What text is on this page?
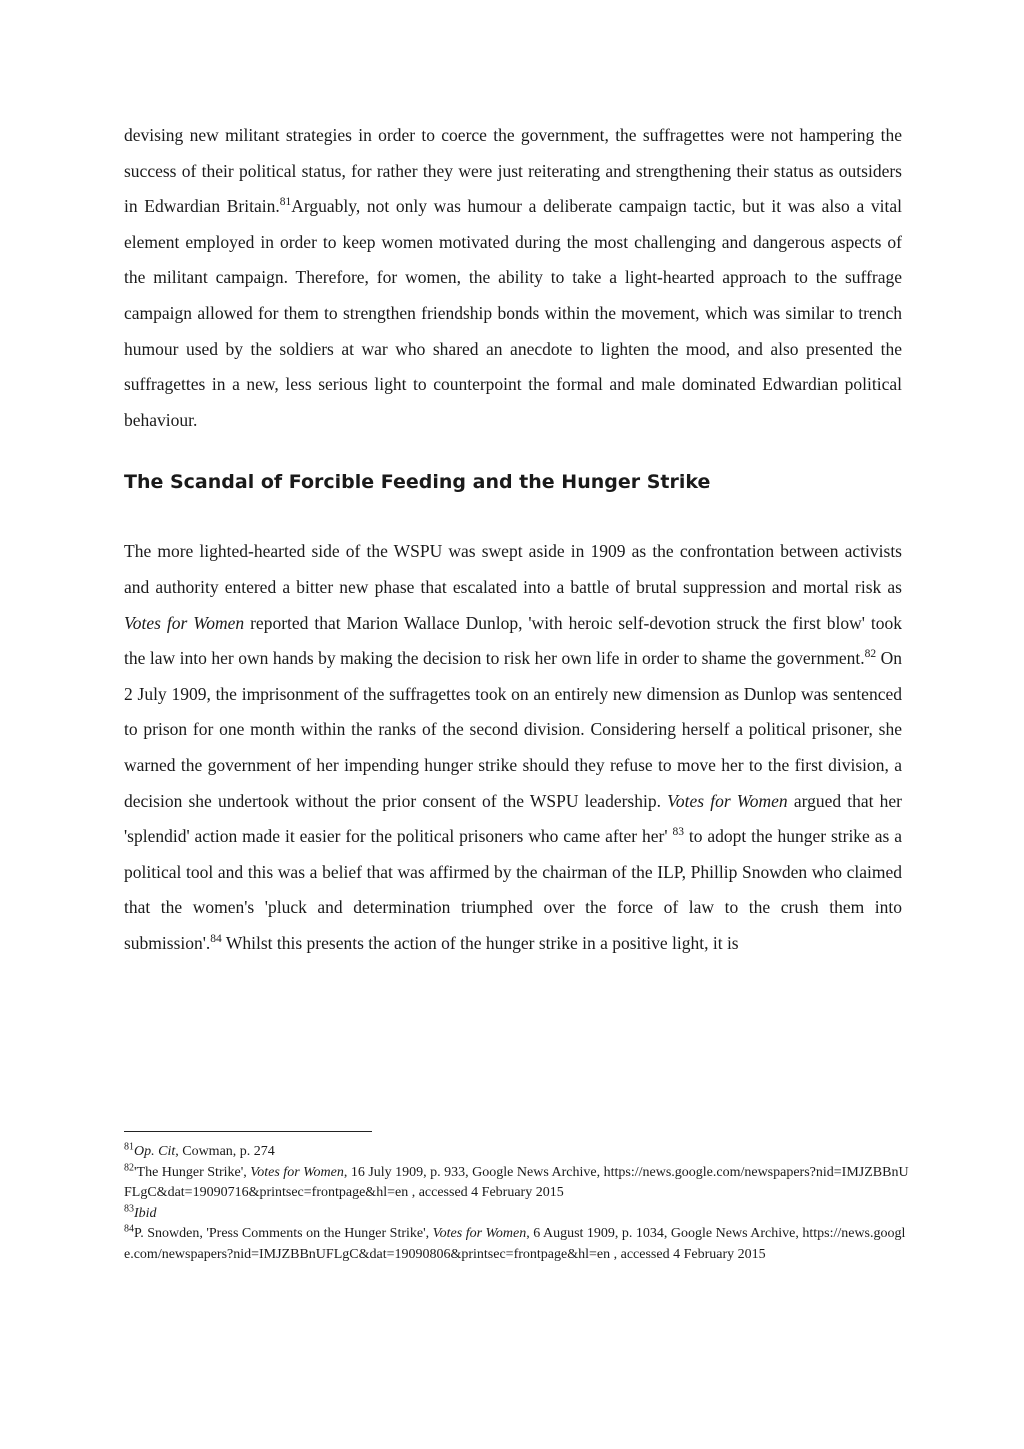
devising new militant strategies in order to coerce the government, the suffragettes were not hampering the success of their political status, for rather they were just reiterating and strengthening their status as outsiders in Edwardian Britain.$^{81}$Arguably, not only was humour a deliberate campaign tactic, but it was also a vital element employed in order to keep women motivated during the most challenging and dangerous aspects of the militant campaign. Therefore, for women, the ability to take a light-hearted approach to the suffrage campaign allowed for them to strengthen friendship bonds within the movement, which was similar to trench humour used by the soldiers at war who shared an anecdote to lighten the mood, and also presented the suffragettes in a new, less serious light to counterpoint the formal and male dominated Edwardian political behaviour.

The Scandal of Forcible Feeding and the Hunger Strike

The more lighted-hearted side of the WSPU was swept aside in 1909 as the confrontation between activists and authority entered a bitter new phase that escalated into a battle of brutal suppression and mortal risk as Votes for Women reported that Marion Wallace Dunlop, 'with heroic self-devotion struck the first blow' took the law into her own hands by making the decision to risk her own life in order to shame the government.$^{82}$ On 2 July 1909, the imprisonment of the suffragettes took on an entirely new dimension as Dunlop was sentenced to prison for one month within the ranks of the second division. Considering herself a political prisoner, she warned the government of her impending hunger strike should they refuse to move her to the first division, a decision she undertook without the prior consent of the WSPU leadership. Votes for Women argued that her 'splendid' action made it easier for the political prisoners who came after her' $^{83}$ to adopt the hunger strike as a political tool and this was a belief that was affirmed by the chairman of the ILP, Phillip Snowden who claimed that the women's 'pluck and determination triumphed over the force of law to the crush them into submission'.$^{84}$ Whilst this presents the action of the hunger strike in a positive light, it is

$^{81}$Op. Cit, Cowman, p. 274

$^{82}$'The Hunger Strike', Votes for Women, 16 July 1909, p. 933, Google News Archive, https://news.google.com/newspapers?nid=IMJZBBnUFLgC&dat=19090716&printsec=frontpage&hl=en , accessed 4 February 2015

$^{83}$Ibid

$^{84}$P. Snowden, 'Press Comments on the Hunger Strike', Votes for Women, 6 August 1909, p. 1034, Google News Archive, https://news.google.com/newspapers?nid=IMJZBBnUFLgC&dat=19090806&printsec=frontpage&hl=en , accessed 4 February 2015
